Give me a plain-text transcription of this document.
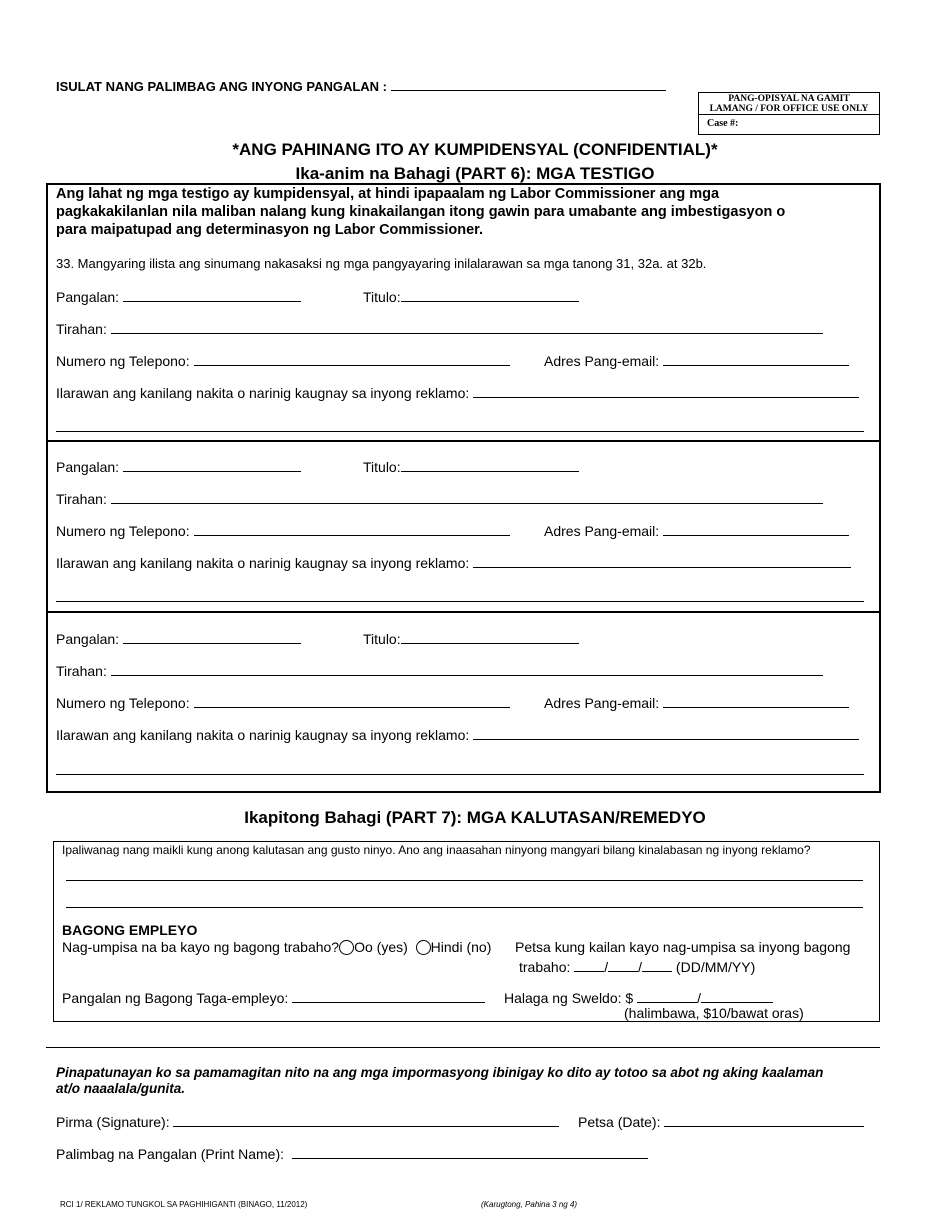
ISULAT NANG PALIMBAG ANG INYONG PANGALAN :
PANG-OPISYAL NA GAMIT
LAMANG / FOR OFFICE USE ONLY
Case #:
*ANG PAHINANG ITO AY KUMPIDENSYAL (CONFIDENTIAL)*
Ika-anim na Bahagi (PART 6): MGA TESTIGO
Ang lahat ng mga testigo ay kumpidensyal, at hindi ipapaalam ng Labor Commissioner ang mga
pagkakakilanlan nila maliban nalang kung kinakailangan itong gawin para umabante ang imbestigasyon o
para maipatupad ang determinasyon ng Labor Commissioner.
33. Mangyaring ilista ang sinumang nakasaksi ng mga pangyayaring inilalarawan sa mga tanong 31, 32a. at 32b.
Pangalan:	Titulo:
Tirahan:
Numero ng Telepono:	Adres Pang-email:
Ilarawan ang kanilang nakita o narinig kaugnay sa inyong reklamo:
Pangalan:	Titulo:
Tirahan:
Numero ng Telepono:	Adres Pang-email:
Ilarawan ang kanilang nakita o narinig kaugnay sa inyong reklamo:
Pangalan:	Titulo:
Tirahan:
Numero ng Telepono:	Adres Pang-email:
Ilarawan ang kanilang nakita o narinig kaugnay sa inyong reklamo:
Ikapitong Bahagi (PART 7): MGA KALUTASAN/REMEDYO
Ipaliwanag nang maikli kung anong kalutasan ang gusto ninyo. Ano ang inaasahan ninyong mangyari bilang kinalabasan ng inyong reklamo?
BAGONG EMPLEYO
Nag-umpisa na ba kayo ng bagong trabaho? Oo (yes) Hindi (no) Petsa kung kailan kayo nag-umpisa sa inyong bagong
trabaho: / / (DD/MM/YY)
Pangalan ng Bagong Taga-empleyo:	Halaga ng Sweldo: $	/
(halimbawa, $10/bawat oras)
Pinapatunayan ko sa pamamagitan nito na ang mga impormasyong ibinigay ko dito ay totoo sa abot ng aking kaalaman
at/o naaalala/gunita.
Pirma (Signature):	Petsa (Date):
Palimbag na Pangalan (Print Name):
RCI 1/ REKLAMO TUNGKOL SA PAGHIHIGANTI (BINAGO, 11/2012)	(Karugtong, Pahina 3 ng 4)
